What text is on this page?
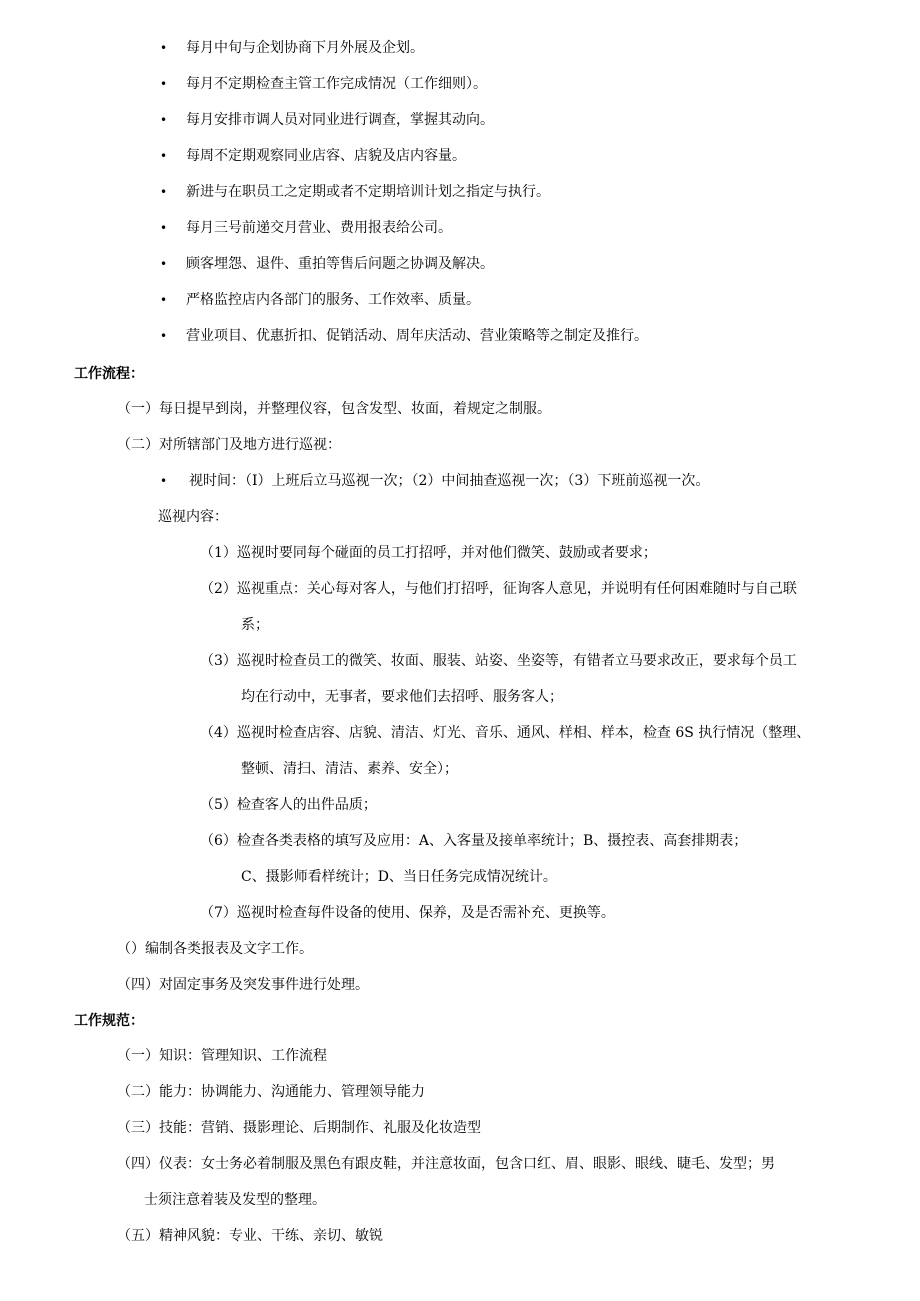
• 每月中旬与企划协商下月外展及企划。
• 每月不定期检查主管工作完成情况（工作细则）。
• 每月安排市调人员对同业进行调查，掌握其动向。
• 每周不定期观察同业店容、店貌及店内容量。
• 新进与在职员工之定期或者不定期培训计划之指定与执行。
• 每月三号前递交月营业、费用报表给公司。
• 顾客埋怨、退件、重拍等售后问题之协调及解决。
• 严格监控店内各部门的服务、工作效率、质量。
• 营业项目、优惠折扣、促销活动、周年庆活动、营业策略等之制定及推行。
工作流程：
（一）每日提早到岗，并整理仪容，包含发型、妆面，着规定之制服。
（二）对所辖部门及地方进行巡视：
• 视时间：（I）上班后立马巡视一次；（2）中间抽查巡视一次；（3）下班前巡视一次。
巡视内容：
（1）巡视时要同每个碰面的员工打招呼，并对他们微笑、鼓励或者要求；
（2）巡视重点：关心每对客人，与他们打招呼，征询客人意见，并说明有任何困难随时与自己联
系；
（3）巡视时检查员工的微笑、妆面、服装、站姿、坐姿等，有错者立马要求改正，要求每个员工
均在行动中，无事者，要求他们去招呼、服务客人；
（4）巡视时检查店容、店貌、清洁、灯光、音乐、通风、样相、样本，检查 6S 执行情况（整理、
整顿、清扫、清洁、素养、安全）；
（5）检查客人的出件品质；
（6）检查各类表格的填写及应用：A、入客量及接单率统计；B、摄控表、高套排期表；
C、摄影师看样统计；D、当日任务完成情况统计。
（7）巡视时检查每件设备的使用、保养，及是否需补充、更换等。
（）编制各类报表及文字工作。
（四）对固定事务及突发事件进行处理。
工作规范：
（一）知识：管理知识、工作流程
（二）能力：协调能力、沟通能力、管理领导能力
（三）技能：营销、摄影理论、后期制作、礼服及化妆造型
（四）仪表：女士务必着制服及黑色有跟皮鞋，并注意妆面，包含口红、眉、眼影、眼线、睫毛、发型；男
士须注意着装及发型的整理。
（五）精神风貌：专业、干练、亲切、敏锐
